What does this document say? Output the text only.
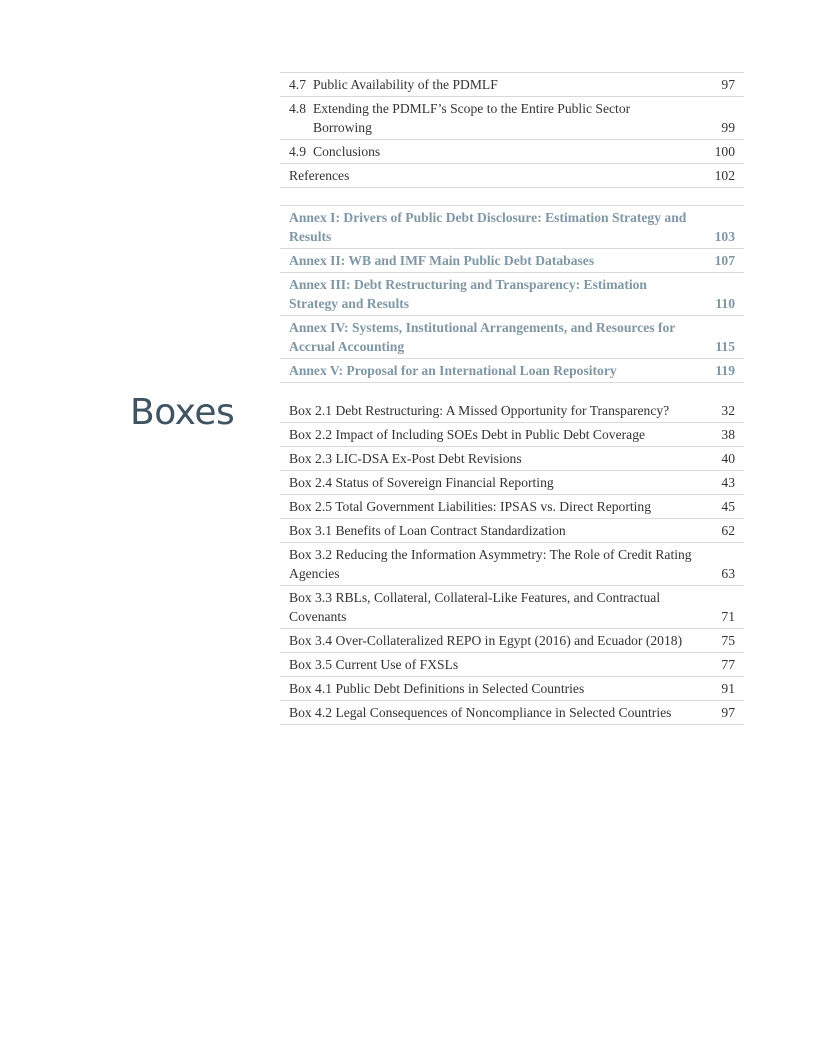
4.7 Public Availability of the PDMLF	97
4.8 Extending the PDMLF’s Scope to the Entire Public Sector Borrowing	99
4.9 Conclusions	100
References	102
Annex I: Drivers of Public Debt Disclosure: Estimation Strategy and Results	103
Annex II: WB and IMF Main Public Debt Databases	107
Annex III: Debt Restructuring and Transparency: Estimation Strategy and Results	110
Annex IV: Systems, Institutional Arrangements, and Resources for Accrual Accounting	115
Annex V: Proposal for an International Loan Repository	119
Boxes	Box 2.1 Debt Restructuring: A Missed Opportunity for Transparency?	32
Box 2.2 Impact of Including SOEs Debt in Public Debt Coverage	38
Box 2.3 LIC-DSA Ex-Post Debt Revisions	40
Box 2.4 Status of Sovereign Financial Reporting	43
Box 2.5 Total Government Liabilities: IPSAS vs. Direct Reporting	45
Box 3.1 Benefits of Loan Contract Standardization	62
Box 3.2 Reducing the Information Asymmetry: The Role of Credit Rating Agencies	63
Box 3.3 RBLs, Collateral, Collateral-Like Features, and Contractual Covenants	71
Box 3.4 Over-Collateralized REPO in Egypt (2016) and Ecuador (2018)	75
Box 3.5 Current Use of FXSLs	77
Box 4.1 Public Debt Definitions in Selected Countries	91
Box 4.2 Legal Consequences of Noncompliance in Selected Countries	97
